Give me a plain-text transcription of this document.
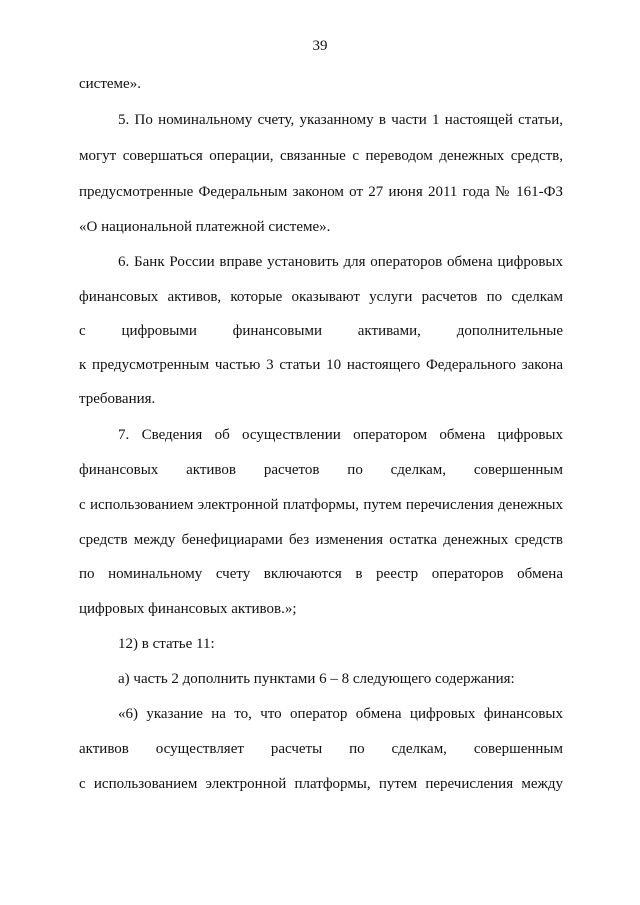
39
системе».
5. По номинальному счету, указанному в части 1 настоящей статьи,
могут совершаться операции, связанные с переводом денежных средств,
предусмотренные Федеральным законом от 27 июня 2011 года № 161-ФЗ
«О национальной платежной системе».
6. Банк России вправе установить для операторов обмена цифровых
финансовых активов, которые оказывают услуги расчетов по сделкам
с цифровыми финансовыми активами, дополнительные
к предусмотренным частью 3 статьи 10 настоящего Федерального закона
требования.
7. Сведения об осуществлении оператором обмена цифровых
финансовых активов расчетов по сделкам, совершенным
с использованием электронной платформы, путем перечисления денежных
средств между бенефициарами без изменения остатка денежных средств
по номинальному счету включаются в реестр операторов обмена
цифровых финансовых активов.»;
12) в статье 11:
а) часть 2 дополнить пунктами 6 – 8 следующего содержания:
«6) указание на то, что оператор обмена цифровых финансовых
активов осуществляет расчеты по сделкам, совершенным
с использованием электронной платформы, путем перечисления между
